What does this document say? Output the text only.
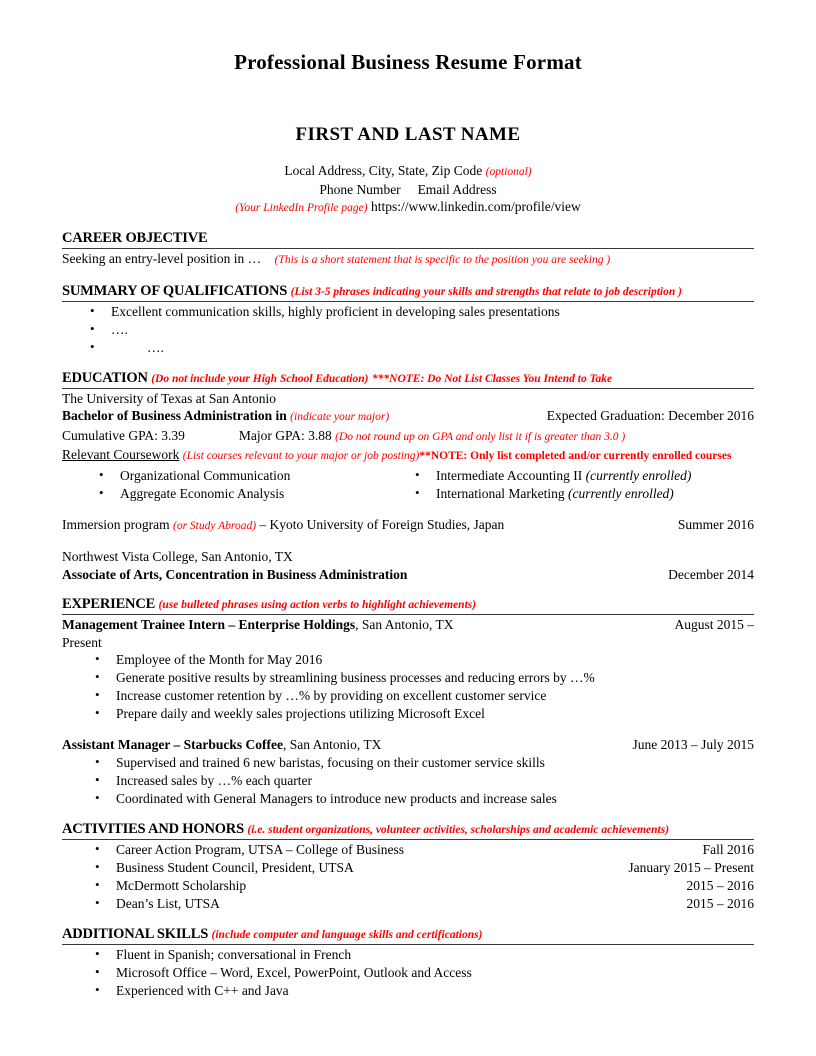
Professional Business Resume Format
FIRST AND LAST NAME
Local Address, City, State, Zip Code (optional)
Phone Number Email Address
(Your LinkedIn Profile page) https://www.linkedin.com/profile/view
CAREER OBJECTIVE
Seeking an entry-level position in … (This is a short statement that is specific to the position you are seeking )
SUMMARY OF QUALIFICATIONS (List 3-5 phrases indicating your skills and strengths that relate to job description )
• Excellent communication skills, highly proficient in developing sales presentations
• ….
• ….
EDUCATION (Do not include your High School Education) ***NOTE: Do Not List Classes You Intend to Take
The University of Texas at San Antonio
Bachelor of Business Administration in (indicate your major)	Expected Graduation: December 2016
Cumulative GPA: 3.39	Major GPA: 3.88 (Do not round up on GPA and only list it if is greater than 3.0 )
Relevant Coursework (List courses relevant to your major or job posting)**NOTE: Only list completed and/or currently enrolled courses
• Organizational Communication
• Aggregate Economic Analysis
• Intermediate Accounting II (currently enrolled)
• International Marketing (currently enrolled)
Immersion program (or Study Abroad) – Kyoto University of Foreign Studies, Japan	Summer 2016
Northwest Vista College, San Antonio, TX
Associate of Arts, Concentration in Business Administration	December 2014
EXPERIENCE (use bulleted phrases using action verbs to highlight achievements)
Management Trainee Intern – Enterprise Holdings, San Antonio, TX	August 2015 –
Present
• Employee of the Month for May 2016
• Generate positive results by streamlining business processes and reducing errors by …%
• Increase customer retention by …% by providing on excellent customer service
• Prepare daily and weekly sales projections utilizing Microsoft Excel
Assistant Manager – Starbucks Coffee, San Antonio, TX	June 2013 – July 2015
• Supervised and trained 6 new baristas, focusing on their customer service skills
• Increased sales by …% each quarter
• Coordinated with General Managers to introduce new products and increase sales
ACTIVITIES AND HONORS (i.e. student organizations, volunteer activities, scholarships and academic achievements)
• Career Action Program, UTSA – College of Business	Fall 2016
• Business Student Council, President, UTSA	January 2015 – Present
• McDermott Scholarship	2015 – 2016
• Dean’s List, UTSA	2015 – 2016
ADDITIONAL SKILLS (include computer and language skills and certifications)
• Fluent in Spanish; conversational in French
• Microsoft Office – Word, Excel, PowerPoint, Outlook and Access
• Experienced with C++ and Java
